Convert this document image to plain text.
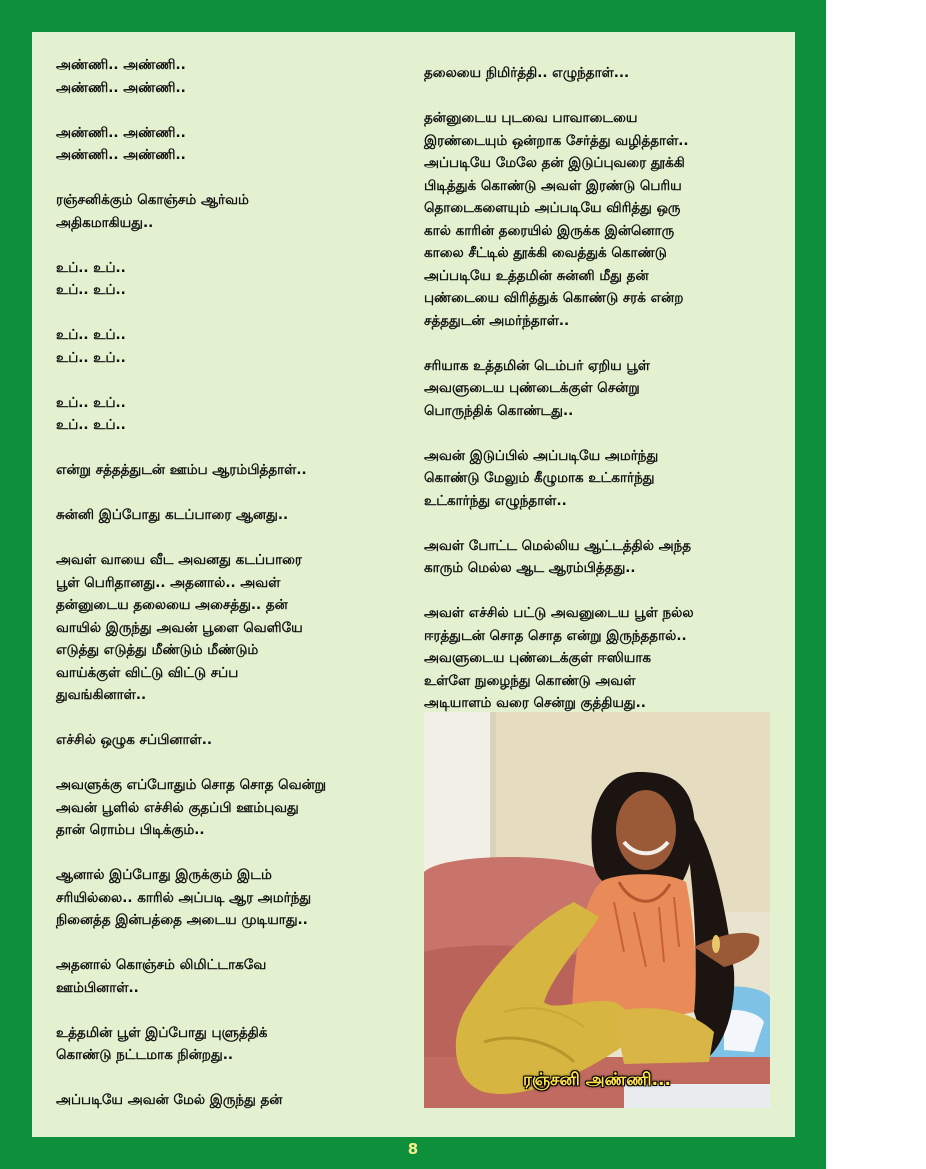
அண்ணி.. அண்ணி..
அண்ணி.. அண்ணி..

அண்ணி.. அண்ணி..
அண்ணி.. அண்ணி..

ரஞ்சனிக்கும் கொஞ்சம் ஆர்வம்
அதிகமாகியது..

உப்.. உப்..
உப்.. உப்..

உப்.. உப்..
உப்.. உப்..

உப்.. உப்..
உப்.. உப்..

என்று சத்தத்துடன் ஊம்ப ஆரம்பித்தாள்..

சுன்னி இப்போது கடப்பாரை ஆனது..

அவள் வாயை வீட அவனது கடப்பாரை
பூள் பெரிதானது.. அதனால்.. அவள்
தன்னுடைய தலையை அசைத்து.. தன்
வாயில் இருந்து அவன் பூளை வெளியே
எடுத்து எடுத்து மீண்டும் மீண்டும்
வாய்க்குள் விட்டு விட்டு சப்ப
துவங்கினாள்..

எச்சில் ஒழுக சப்பினாள்..

அவளுக்கு எப்போதும் சொத சொத வென்று
அவன் பூளில் எச்சில் குதப்பி ஊம்புவது
தான் ரொம்ப பிடிக்கும்..

ஆனால் இப்போது இருக்கும் இடம்
சரியில்லை.. காரில் அப்படி ஆர அமர்ந்து
நினைத்த இன்பத்தை அடைய முடியாது..

அதனால் கொஞ்சம் லிமிட்டாகவே
ஊம்பினாள்..

உத்தமின் பூள் இப்போது புளுத்திக்
கொண்டு நட்டமாக நின்றது..

அப்படியே அவன் மேல் இருந்து தன்

தலையை நிமிர்த்தி.. எழுந்தாள்...

தன்னுடைய புடவை பாவாடையை
இரண்டையும் ஒன்றாக சேர்த்து வழித்தாள்..
அப்படியே மேலே தன் இடுப்புவரை தூக்கி
பிடித்துக் கொண்டு அவள் இரண்டு பெரிய
தொடைகளையும் அப்படியே விரித்து ஒரு
கால் காரின் தரையில் இருக்க இன்னொரு
காலை சீட்டில் தூக்கி வைத்துக் கொண்டு
அப்படியே உத்தமின் சுன்னி மீது தன்
புண்டையை விரித்துக் கொண்டு சரக் என்ற
சத்ததுடன் அமர்ந்தாள்..

சரியாக உத்தமின் டெம்பர் ஏறிய பூள்
அவளுடைய புண்டைக்குள் சென்று
பொருந்திக் கொண்டது..

அவன் இடுப்பில் அப்படியே அமர்ந்து
கொண்டு மேலும் கீழுமாக உட்கார்ந்து
உட்கார்ந்து எழுந்தாள்..

அவள் போட்ட மெல்லிய ஆட்டத்தில் அந்த
காரும் மெல்ல ஆட ஆரம்பித்தது..

அவள் எச்சில் பட்டு அவனுடைய பூள் நல்ல
ஈரத்துடன் சொத சொத என்று இருந்ததால்..
அவளுடைய புண்டைக்குள் ஈஸியாக
உள்ளே நுழைந்து கொண்டு அவள்
அடியாளம் வரை சென்று குத்தியது..

ரஞ்சனி அண்ணி...
8
